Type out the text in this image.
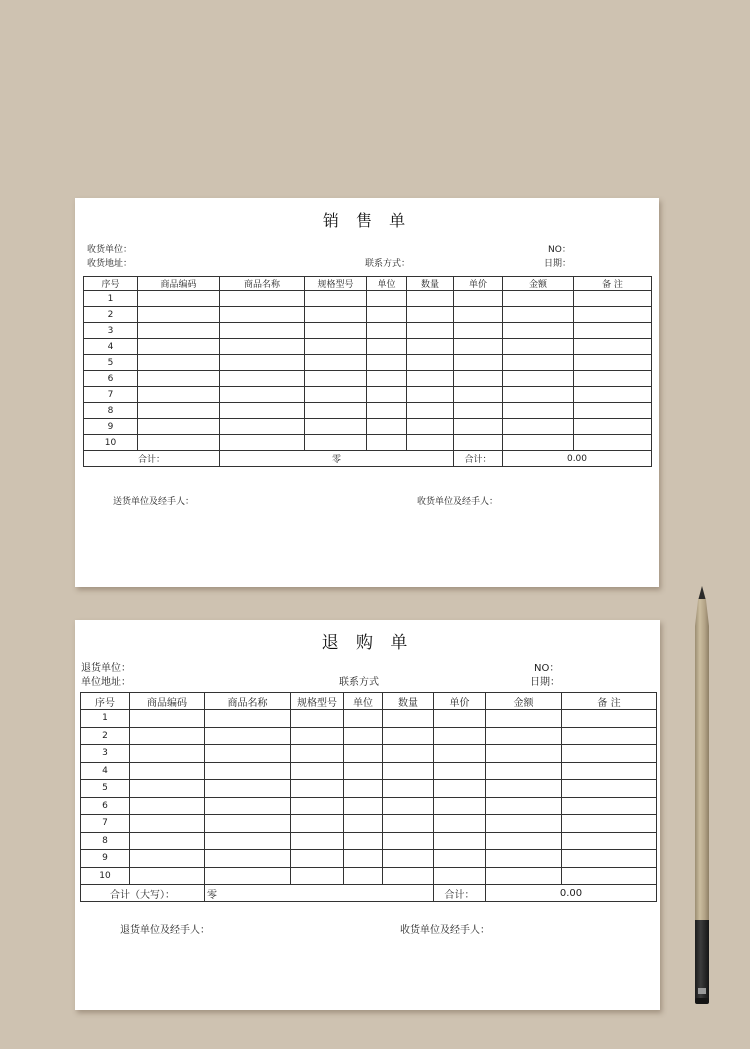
销 售 单
收货单位：
收货地址：	联系方式：
NO：
日期：
序号	商品编码	商品名称	规格型号	单位	数量	单价	金额	备 注
1								
2								
3								
4								
5								
6								
7								
8								
9								
10								
合计：		零				合计：	0.00	
送货单位及经手人：	收货单位及经手人：
退 购 单
退货单位：
单位地址：	联系方式
NO：
日期：
序号	商品编码	商品名称	规格型号	单位	数量	单价	金额	备 注
1								
2								
3								
4								
5								
6								
7								
8								
9								
10								
合计（大写）：		零				合计：	0.00	
退货单位及经手人：	收货单位及经手人：
